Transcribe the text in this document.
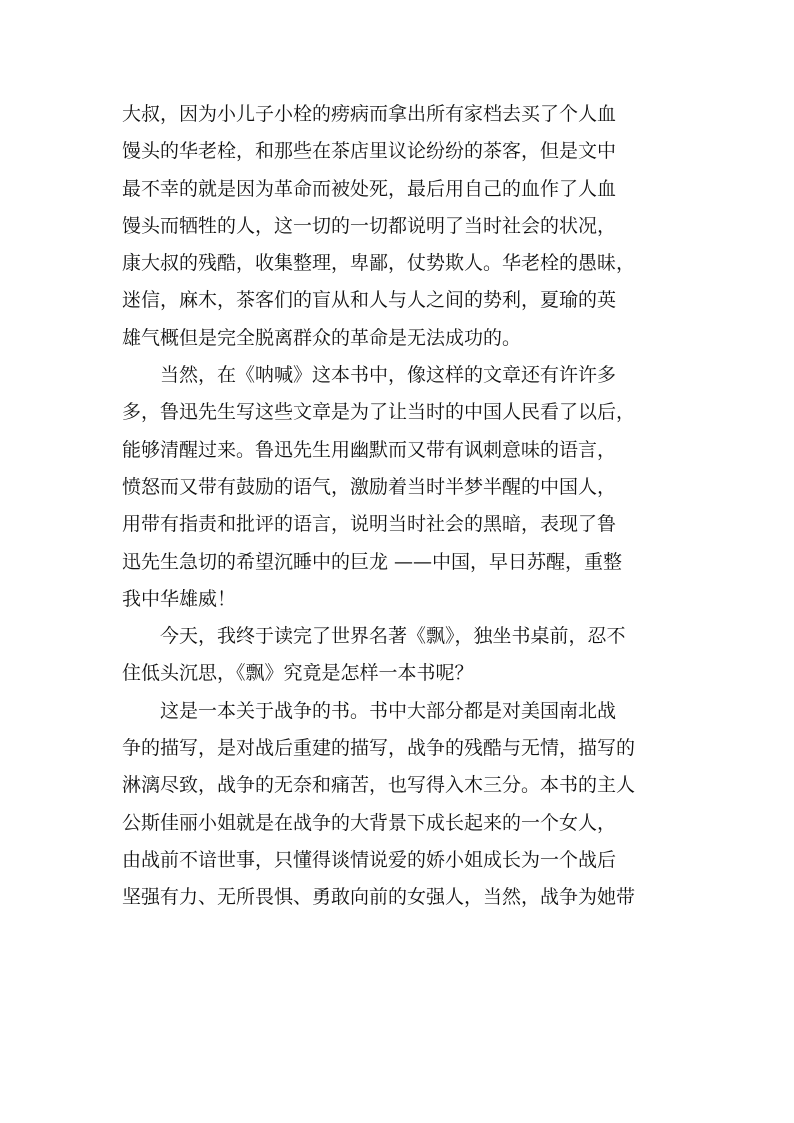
大叔，因为小儿子小栓的痨病而拿出所有家档去买了个人血
馒头的华老栓，和那些在茶店里议论纷纷的茶客，但是文中
最不幸的就是因为革命而被处死，最后用自己的血作了人血
馒头而牺牲的人，这一切的一切都说明了当时社会的状况，
康大叔的残酷，收集整理，卑鄙，仗势欺人。华老栓的愚昧，
迷信，麻木，茶客们的盲从和人与人之间的势利，夏瑜的英
雄气概但是完全脱离群众的革命是无法成功的。
当然，在《呐喊》这本书中，像这样的文章还有许许多
多，鲁迅先生写这些文章是为了让当时的中国人民看了以后，
能够清醒过来。鲁迅先生用幽默而又带有讽刺意味的语言，
愤怒而又带有鼓励的语气，激励着当时半梦半醒的中国人，
用带有指责和批评的语言，说明当时社会的黑暗，表现了鲁
迅先生急切的希望沉睡中的巨龙 ——中国，早日苏醒，重整
我中华雄威！
今天，我终于读完了世界名著《飘》，独坐书桌前，忍不
住低头沉思，《飘》究竟是怎样一本书呢？
这是一本关于战争的书。书中大部分都是对美国南北战
争的描写，是对战后重建的描写，战争的残酷与无情，描写的
淋漓尽致，战争的无奈和痛苦，也写得入木三分。本书的主人
公斯佳丽小姐就是在战争的大背景下成长起来的一个女人，
由战前不谙世事，只懂得谈情说爱的娇小姐成长为一个战后
坚强有力、无所畏惧、勇敢向前的女强人，当然，战争为她带
